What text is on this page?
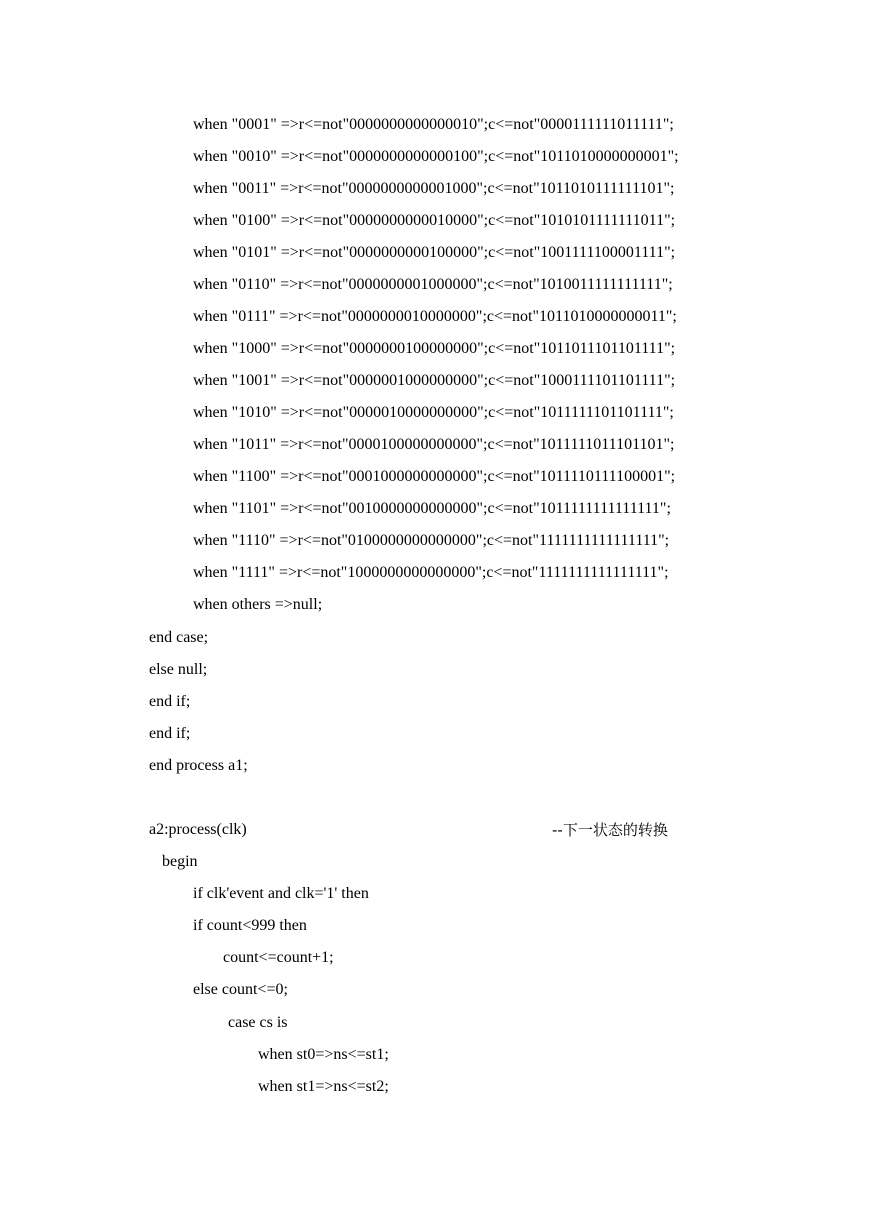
when "0001" =>r<=not"0000000000000010";c<=not"0000111111011111";
when "0010" =>r<=not"0000000000000100";c<=not"1011010000000001";
when "0011" =>r<=not"0000000000001000";c<=not"1011010111111101";
when "0100" =>r<=not"0000000000010000";c<=not"1010101111111011";
when "0101" =>r<=not"0000000000100000";c<=not"1001111100001111";
when "0110" =>r<=not"0000000001000000";c<=not"1010011111111111";
when "0111" =>r<=not"0000000010000000";c<=not"1011010000000011";
when "1000" =>r<=not"0000000100000000";c<=not"1011011101101111";
when "1001" =>r<=not"0000001000000000";c<=not"1000111101101111";
when "1010" =>r<=not"0000010000000000";c<=not"1011111101101111";
when "1011" =>r<=not"0000100000000000";c<=not"1011111011101101";
when "1100" =>r<=not"0001000000000000";c<=not"1011110111100001";
when "1101" =>r<=not"0010000000000000";c<=not"1011111111111111";
when "1110" =>r<=not"0100000000000000";c<=not"1111111111111111";
when "1111" =>r<=not"1000000000000000";c<=not"1111111111111111";
when others =>null;
end case;
else null;
end if;
end if;
end process a1;
a2:process(clk)	--下一状态的转换
begin
if clk'event and clk='1' then
if count<999 then
count<=count+1;
else count<=0;
case cs is
when st0=>ns<=st1;
when st1=>ns<=st2;
